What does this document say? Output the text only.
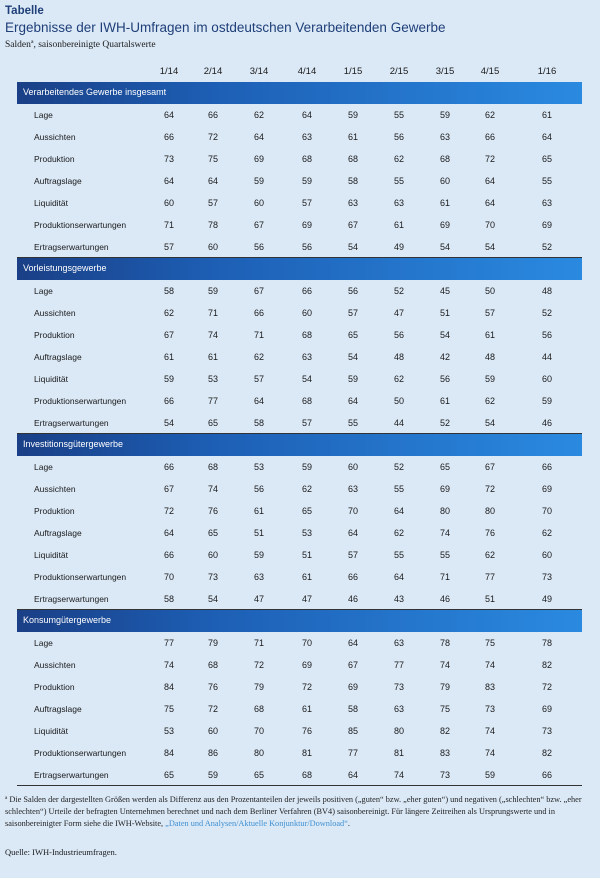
Tabelle
Ergebnisse der IWH-Umfragen im ostdeutschen Verarbeitenden Gewerbe
Saldenª, saisonbereinigte Quartalswerte
1/14	2/14	3/14	4/14	1/15	2/15	3/15	4/15	1/16
Verarbeitendes Gewerbe insgesamt
Lage	64	66	62	64	59	55	59	62	61
Aussichten	66	72	64	63	61	56	63	66	64
Produktion	73	75	69	68	68	62	68	72	65
Auftragslage	64	64	59	59	58	55	60	64	55
Liquidität	60	57	60	57	63	63	61	64	63
Produktionserwartungen	71	78	67	69	67	61	69	70	69
Ertragserwartungen	57	60	56	56	54	49	54	54	52
Vorleistungsgewerbe
Lage	58	59	67	66	56	52	45	50	48
Aussichten	62	71	66	60	57	47	51	57	52
Produktion	67	74	71	68	65	56	54	61	56
Auftragslage	61	61	62	63	54	48	42	48	44
Liquidität	59	53	57	54	59	62	56	59	60
Produktionserwartungen	66	77	64	68	64	50	61	62	59
Ertragserwartungen	54	65	58	57	55	44	52	54	46
Investitionsgütergewerbe
Lage	66	68	53	59	60	52	65	67	66
Aussichten	67	74	56	62	63	55	69	72	69
Produktion	72	76	61	65	70	64	80	80	70
Auftragslage	64	65	51	53	64	62	74	76	62
Liquidität	66	60	59	51	57	55	55	62	60
Produktionserwartungen	70	73	63	61	66	64	71	77	73
Ertragserwartungen	58	54	47	47	46	43	46	51	49
Konsumgütergewerbe
Lage	77	79	71	70	64	63	78	75	78
Aussichten	74	68	72	69	67	77	74	74	82
Produktion	84	76	79	72	69	73	79	83	72
Auftragslage	75	72	68	61	58	63	75	73	69
Liquidität	53	60	70	76	85	80	82	74	73
Produktionserwartungen	84	86	80	81	77	81	83	74	82
Ertragserwartungen	65	59	65	68	64	74	73	59	66
ª Die Salden der dargestellten Größen werden als Differenz aus den Prozentanteilen der jeweils positiven („guten“ bzw. „eher guten“) und negativen („schlechten“ bzw. „eher schlechten“) Urteile der befragten Unternehmen berechnet und nach dem Berliner Verfahren (BV4) saisonbereinigt. Für längere Zeitreihen als Ursprungswerte und in saisonbereinigter Form siehe die IWH-Website, „Daten und Analysen/Aktuelle Konjunktur/Download“.
Quelle: IWH-Industrieumfragen.
